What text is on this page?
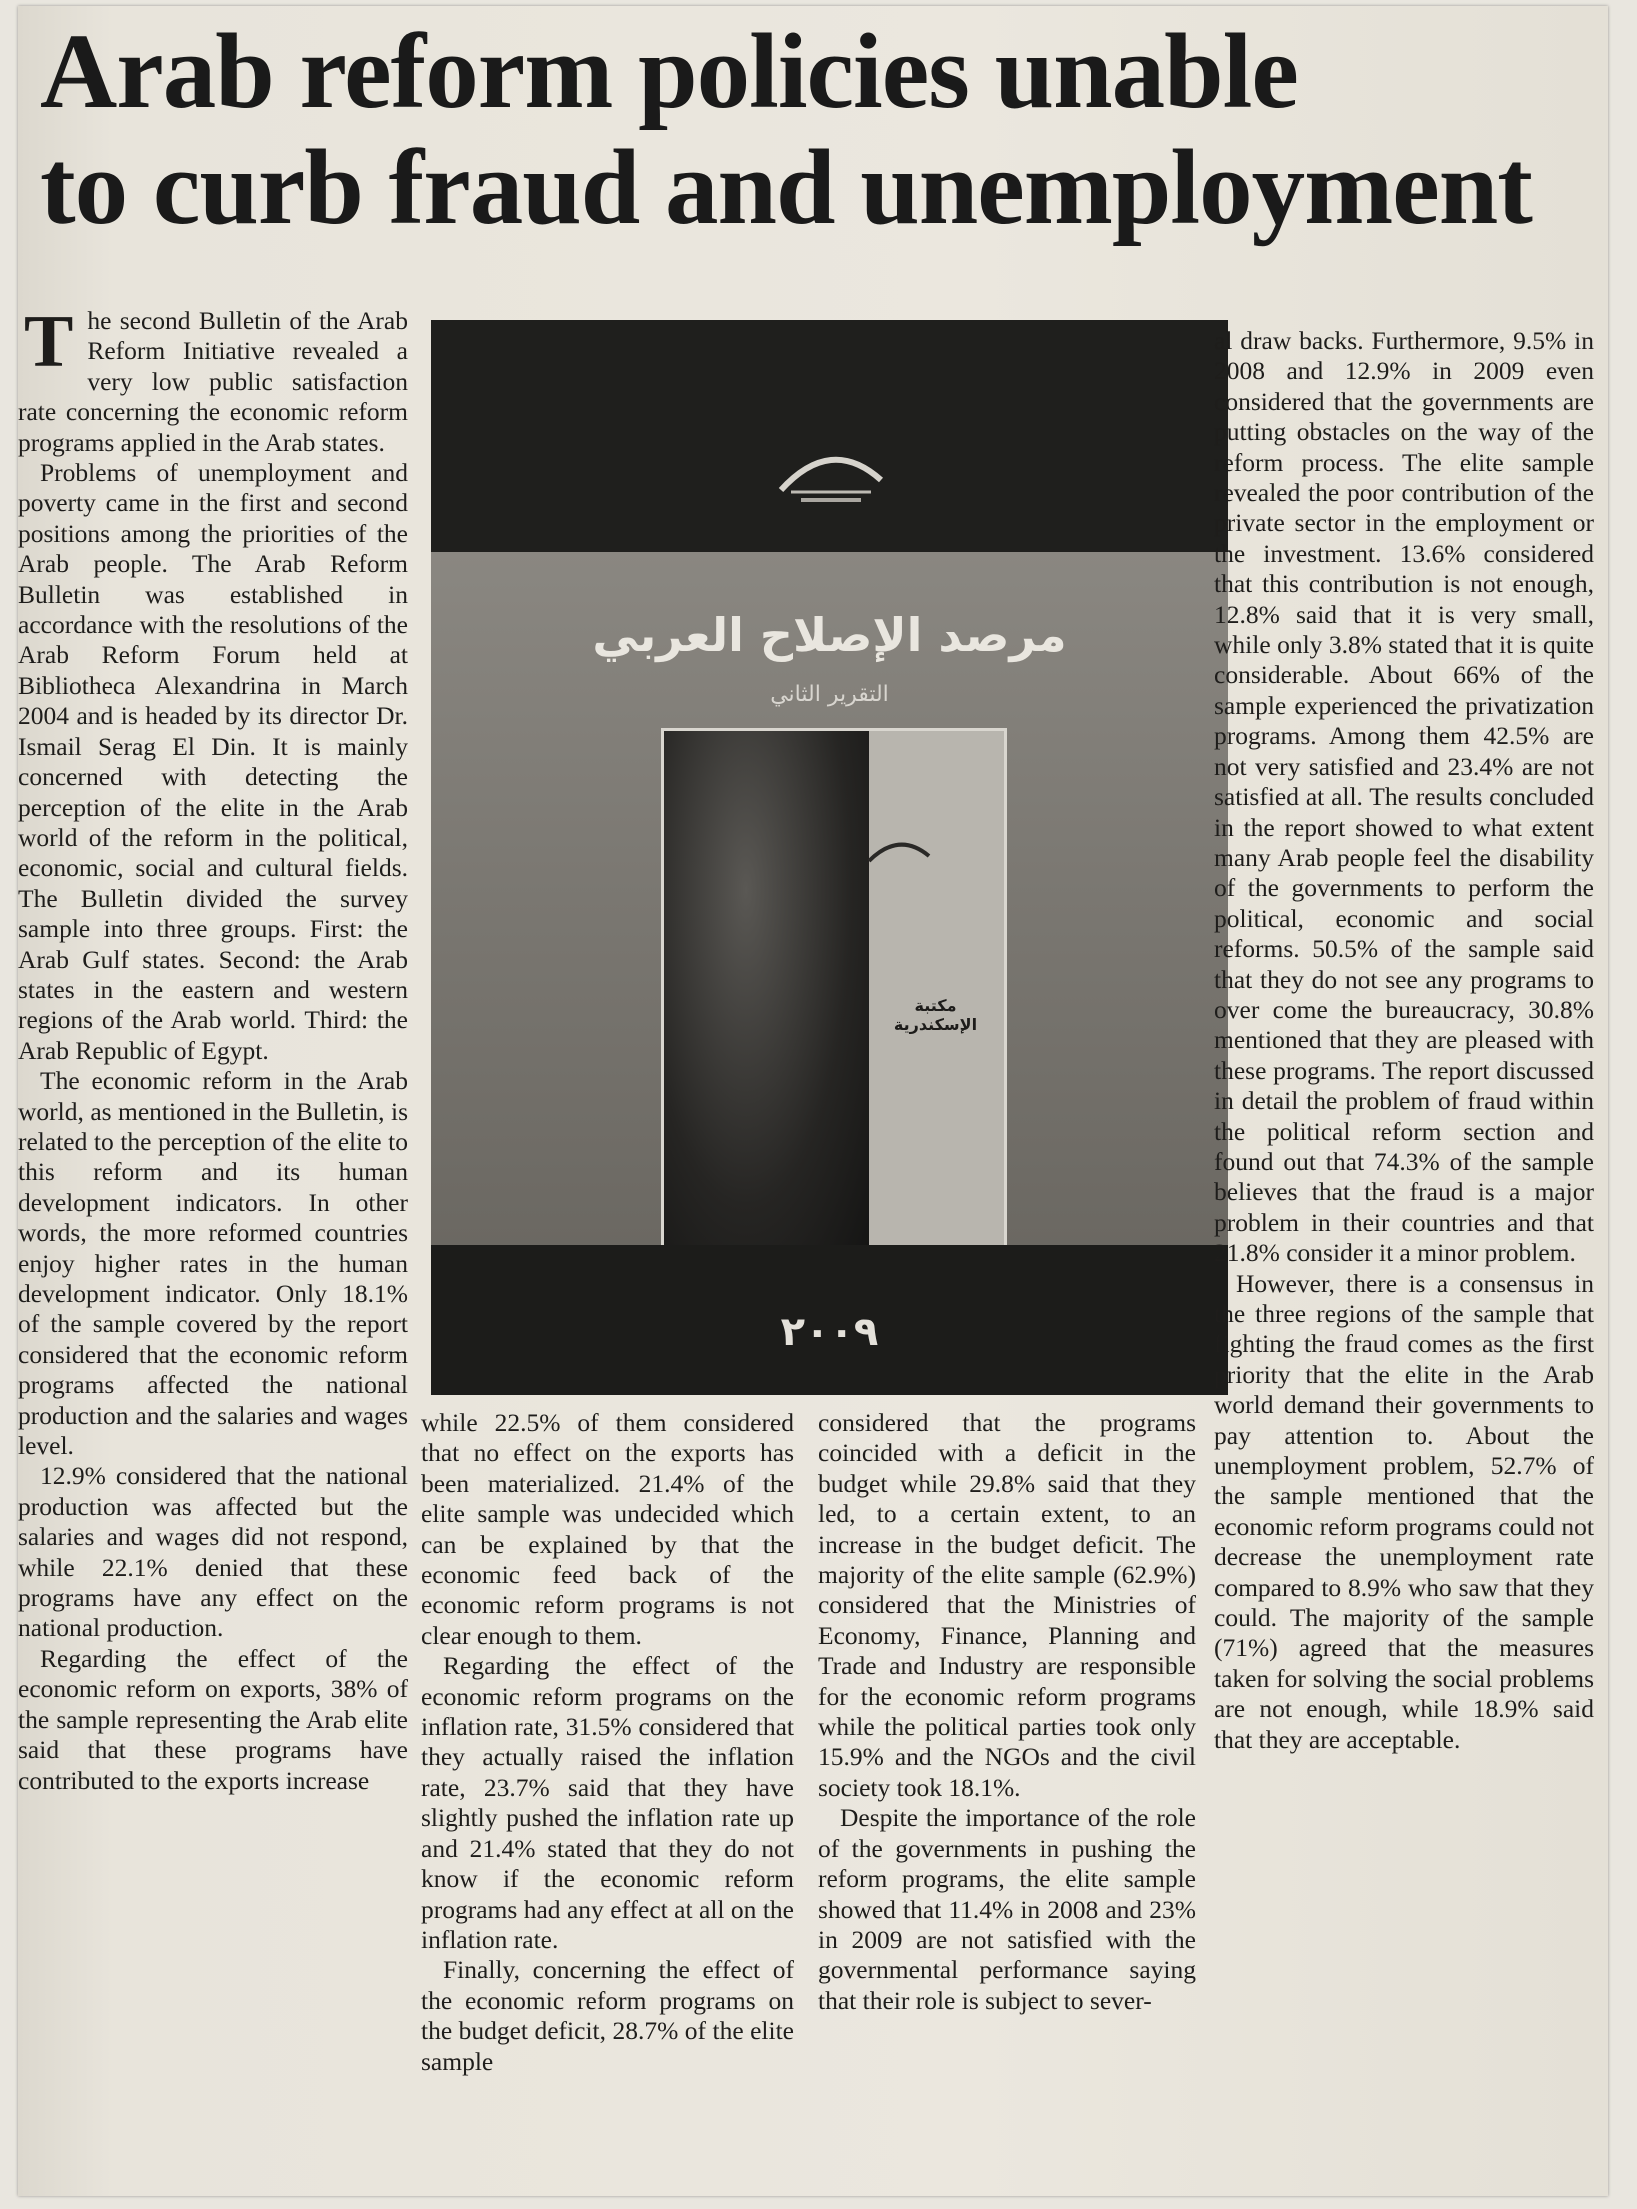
Arab reform policies unable
to curb fraud and unemployment

The second Bulletin of the Arab Reform Initiative revealed a very low public satisfaction rate concerning the economic reform programs applied in the Arab states.

Problems of unemployment and poverty came in the first and second positions among the priorities of the Arab people. The Arab Reform Bulletin was established in accordance with the resolutions of the Arab Reform Forum held at Bibliotheca Alexandrina in March 2004 and is headed by its director Dr. Ismail Serag El Din. It is mainly concerned with detecting the perception of the elite in the Arab world of the reform in the political, economic, social and cultural fields. The Bulletin divided the survey sample into three groups. First: the Arab Gulf states. Second: the Arab states in the eastern and western regions of the Arab world. Third: the Arab Republic of Egypt.

The economic reform in the Arab world, as mentioned in the Bulletin, is related to the perception of the elite to this reform and its human development indicators. In other words, the more reformed countries enjoy higher rates in the human development indicator. Only 18.1% of the sample covered by the report considered that the economic reform programs affected the national production and the salaries and wages level.

12.9% considered that the national production was affected but the salaries and wages did not respond, while 22.1% denied that these programs have any effect on the national production.

Regarding the effect of the economic reform on exports, 38% of the sample representing the Arab elite said that these programs have contributed to the exports increase

مرصد الإصلاح العربي
التقرير الثاني
مكتبة الإسكندرية
٢٠٠٩

while 22.5% of them considered that no effect on the exports has been materialized. 21.4% of the elite sample was undecided which can be explained by that the economic feed back of the economic reform programs is not clear enough to them.

Regarding the effect of the economic reform programs on the inflation rate, 31.5% considered that they actually raised the inflation rate, 23.7% said that they have slightly pushed the inflation rate up and 21.4% stated that they do not know if the economic reform programs had any effect at all on the inflation rate.

Finally, concerning the effect of the economic reform programs on the budget deficit, 28.7% of the elite sample

considered that the programs coincided with a deficit in the budget while 29.8% said that they led, to a certain extent, to an increase in the budget deficit. The majority of the elite sample (62.9%) considered that the Ministries of Economy, Finance, Planning and Trade and Industry are responsible for the economic reform programs while the political parties took only 15.9% and the NGOs and the civil society took 18.1%.

Despite the importance of the role of the governments in pushing the reform programs, the elite sample showed that 11.4% in 2008 and 23% in 2009 are not satisfied with the governmental performance saying that their role is subject to sever-

al draw backs. Furthermore, 9.5% in 2008 and 12.9% in 2009 even considered that the governments are putting obstacles on the way of the reform process. The elite sample revealed the poor contribution of the private sector in the employment or the investment. 13.6% considered that this contribution is not enough, 12.8% said that it is very small, while only 3.8% stated that it is quite considerable. About 66% of the sample experienced the privatization programs. Among them 42.5% are not very satisfied and 23.4% are not satisfied at all. The results concluded in the report showed to what extent many Arab people feel the disability of the governments to perform the political, economic and social reforms. 50.5% of the sample said that they do not see any programs to over come the bureaucracy, 30.8% mentioned that they are pleased with these programs. The report discussed in detail the problem of fraud within the political reform section and found out that 74.3% of the sample believes that the fraud is a major problem in their countries and that 21.8% consider it a minor problem.

However, there is a consensus in the three regions of the sample that fighting the fraud comes as the first priority that the elite in the Arab world demand their governments to pay attention to. About the unemployment problem, 52.7% of the sample mentioned that the economic reform programs could not decrease the unemployment rate compared to 8.9% who saw that they could. The majority of the sample (71%) agreed that the measures taken for solving the social problems are not enough, while 18.9% said that they are acceptable.
